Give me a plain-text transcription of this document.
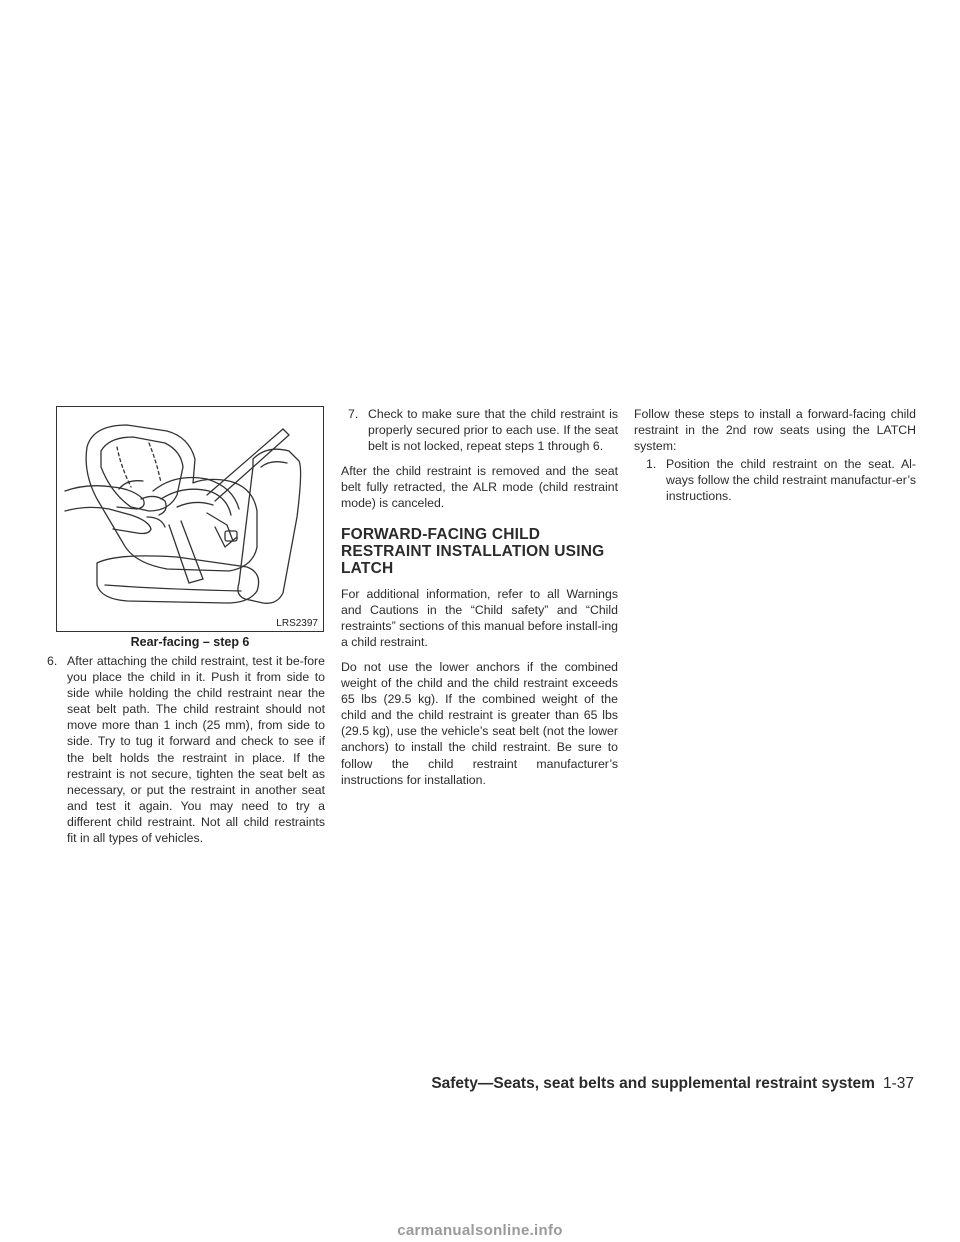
LRS2397
Rear-facing – step 6

6. After attaching the child restraint, test it be-fore you place the child in it. Push it from side to side while holding the child restraint near the seat belt path. The child restraint should not move more than 1 inch (25 mm), from side to side. Try to tug it forward and check to see if the belt holds the restraint in place. If the restraint is not secure, tighten the seat belt as necessary, or put the restraint in another seat and test it again. You may need to try a different child restraint. Not all child restraints fit in all types of vehicles.

7. Check to make sure that the child restraint is properly secured prior to each use. If the seat belt is not locked, repeat steps 1 through 6.

After the child restraint is removed and the seat belt fully retracted, the ALR mode (child restraint mode) is canceled.

FORWARD-FACING CHILD RESTRAINT INSTALLATION USING LATCH

For additional information, refer to all Warnings and Cautions in the “Child safety” and “Child restraints” sections of this manual before install-ing a child restraint.

Do not use the lower anchors if the combined weight of the child and the child restraint exceeds 65 lbs (29.5 kg). If the combined weight of the child and the child restraint is greater than 65 lbs (29.5 kg), use the vehicle’s seat belt (not the lower anchors) to install the child restraint. Be sure to follow the child restraint manufacturer’s instructions for installation.

Follow these steps to install a forward-facing child restraint in the 2nd row seats using the LATCH system:

1. Position the child restraint on the seat. Al-ways follow the child restraint manufactur-er’s instructions.

Safety—Seats, seat belts and supplemental restraint system 1-37
carmanualsonline.info
